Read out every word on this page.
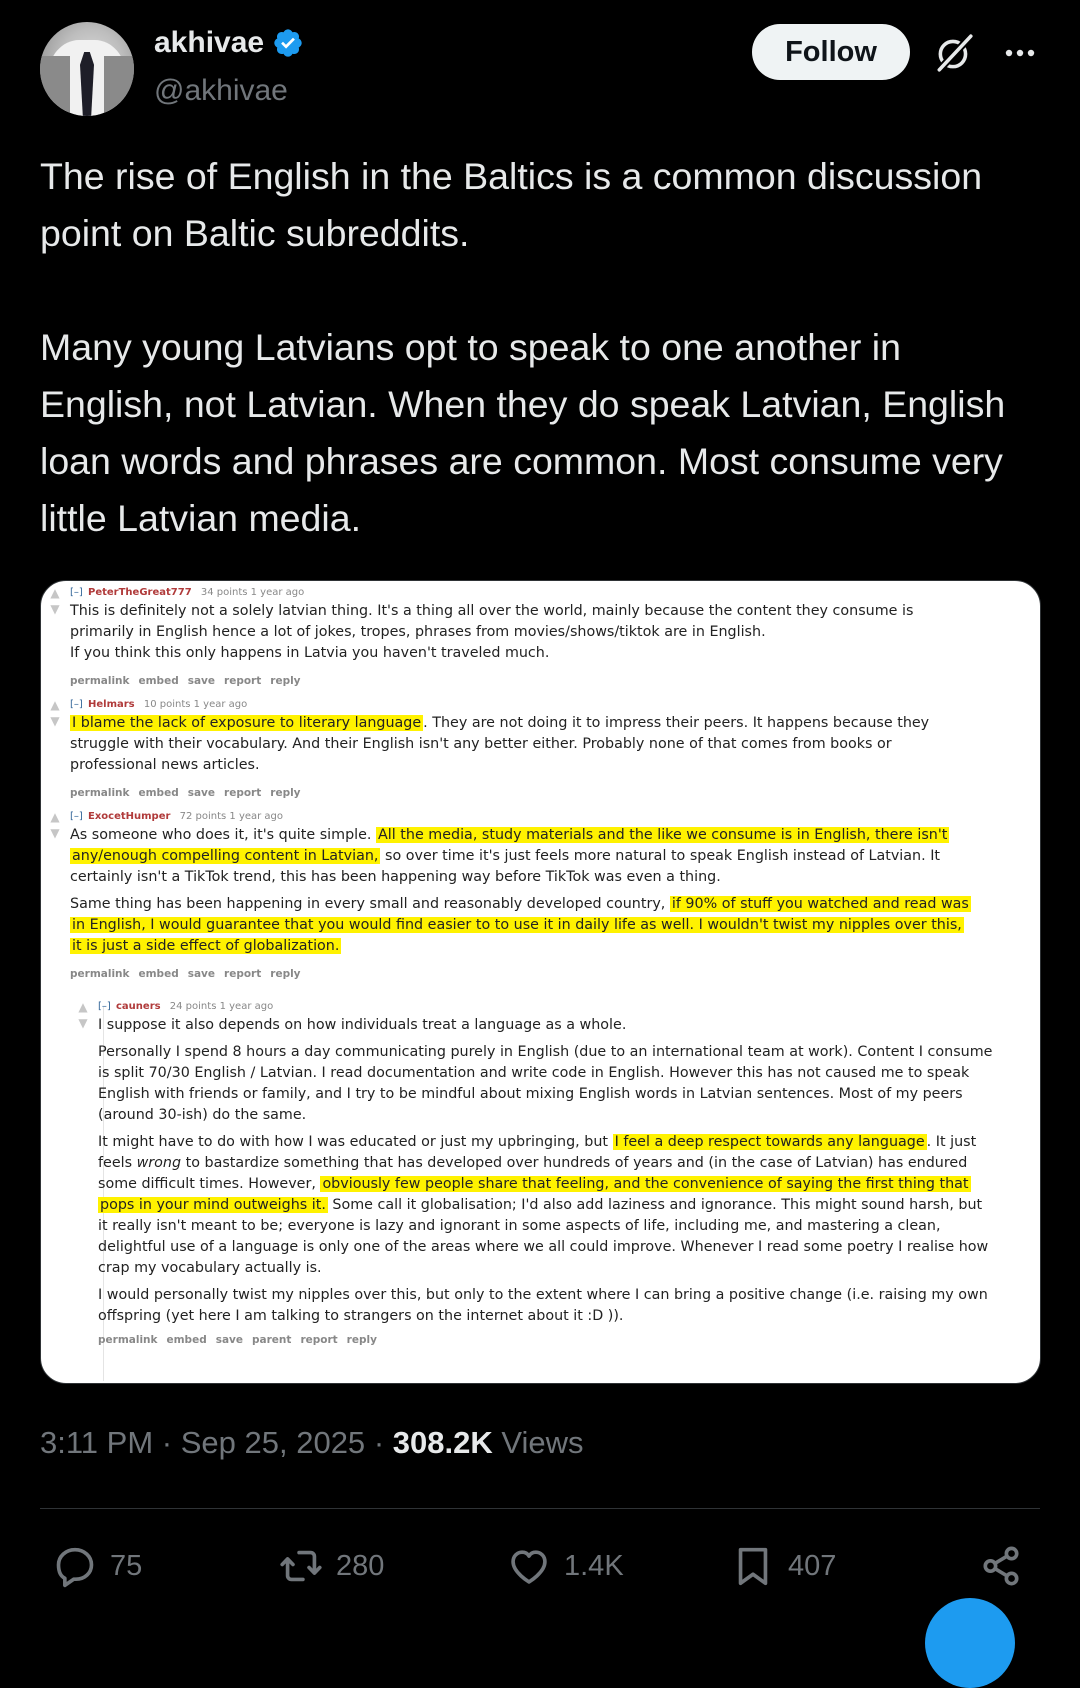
akhivae
@akhivae
Follow

The rise of English in the Baltics is a common discussion point on Baltic subreddits.

Many young Latvians opt to speak to one another in English, not Latvian. When they do speak Latvian, English loan words and phrases are common. Most consume very little Latvian media.

▲
▼
[–] PeterTheGreat777 34 points 1 year ago

This is definitely not a solely latvian thing. It's a thing all over the world, mainly because the content they consume is primarily in English hence a lot of jokes, tropes, phrases from movies/shows/tiktok are in English.

If you think this only happens in Latvia you haven't traveled much.

permalink embed save report reply
▲
▼
[–] Helmars 10 points 1 year ago

I blame the lack of exposure to literary language . They are not doing it to impress their peers. It happens because they struggle with their vocabulary. And their English isn't any better either. Probably none of that comes from books or professional news articles.

permalink embed save report reply
▲
▼
[–] ExocetHumper 72 points 1 year ago

As someone who does it, it's quite simple. All the media, study materials and the like we consume is in English, there isn't any/enough compelling content in Latvian, so over time it's just feels more natural to speak English instead of Latvian. It certainly isn't a TikTok trend, this has been happening way before TikTok was even a thing.

Same thing has been happening in every small and reasonably developed country, if 90% of stuff you watched and read was in English, I would guarantee that you would find easier to to use it in daily life as well. I wouldn't twist my nipples over this, it is just a side effect of globalization.

permalink embed save report reply
▲
▼
[–] cauners 24 points 1 year ago

I suppose it also depends on how individuals treat a language as a whole.

Personally I spend 8 hours a day communicating purely in English (due to an international team at work). Content I consume is split 70/30 English / Latvian. I read documentation and write code in English. However this has not caused me to speak English with friends or family, and I try to be mindful about mixing English words in Latvian sentences. Most of my peers (around 30-ish) do the same.

It might have to do with how I was educated or just my upbringing, but I feel a deep respect towards any language . It just feels wrong to bastardize something that has developed over hundreds of years and (in the case of Latvian) has endured some difficult times. However, obviously few people share that feeling, and the convenience of saying the first thing that pops in your mind outweighs it. Some call it globalisation; I'd also add laziness and ignorance. This might sound harsh, but it really isn't meant to be; everyone is lazy and ignorant in some aspects of life, including me, and mastering a clean, delightful use of a language is only one of the areas where we all could improve. Whenever I read some poetry I realise how crap my vocabulary actually is.

I would personally twist my nipples over this, but only to the extent where I can bring a positive change (i.e. raising my own offspring (yet here I am talking to strangers on the internet about it :D )).

permalink embed save parent report reply
3:11 PM · Sep 25, 2025 · 308.2K Views
75	280	1.4K	407
